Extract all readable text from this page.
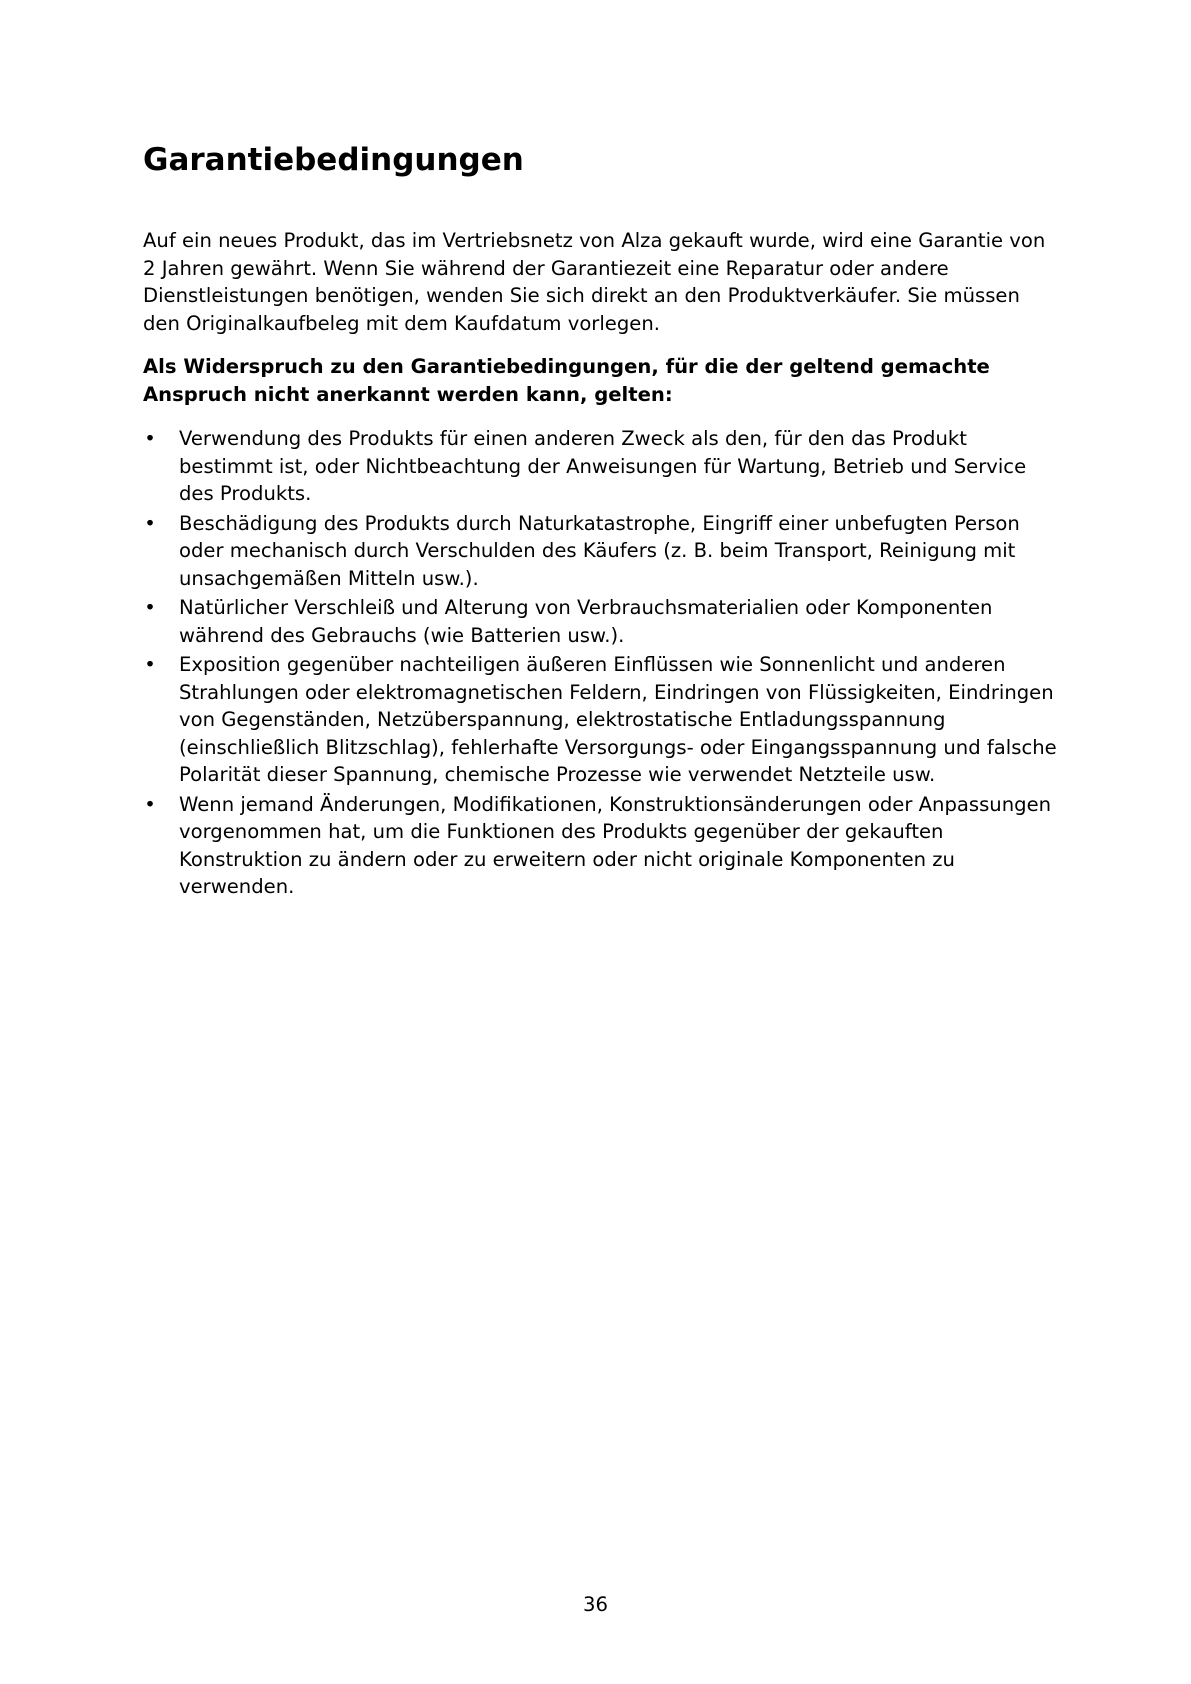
Garantiebedingungen

Auf ein neues Produkt, das im Vertriebsnetz von Alza gekauft wurde, wird eine Garantie von 2 Jahren gewährt. Wenn Sie während der Garantiezeit eine Reparatur oder andere Dienstleistungen benötigen, wenden Sie sich direkt an den Produktverkäufer. Sie müssen den Originalkaufbeleg mit dem Kaufdatum vorlegen.

Als Widerspruch zu den Garantiebedingungen, für die der geltend gemachte Anspruch nicht anerkannt werden kann, gelten:

• Verwendung des Produkts für einen anderen Zweck als den, für den das Produkt bestimmt ist, oder Nichtbeachtung der Anweisungen für Wartung, Betrieb und Service des Produkts.
• Beschädigung des Produkts durch Naturkatastrophe, Eingriff einer unbefugten Person oder mechanisch durch Verschulden des Käufers (z. B. beim Transport, Reinigung mit unsachgemäßen Mitteln usw.).
• Natürlicher Verschleiß und Alterung von Verbrauchsmaterialien oder Komponenten während des Gebrauchs (wie Batterien usw.).
• Exposition gegenüber nachteiligen äußeren Einflüssen wie Sonnenlicht und anderen Strahlungen oder elektromagnetischen Feldern, Eindringen von Flüssigkeiten, Eindringen von Gegenständen, Netzüberspannung, elektrostatische Entladungsspannung (einschließlich Blitzschlag), fehlerhafte Versorgungs- oder Eingangsspannung und falsche Polarität dieser Spannung, chemische Prozesse wie verwendet Netzteile usw.
• Wenn jemand Änderungen, Modifikationen, Konstruktionsänderungen oder Anpassungen vorgenommen hat, um die Funktionen des Produkts gegenüber der gekauften Konstruktion zu ändern oder zu erweitern oder nicht originale Komponenten zu verwenden.
36
